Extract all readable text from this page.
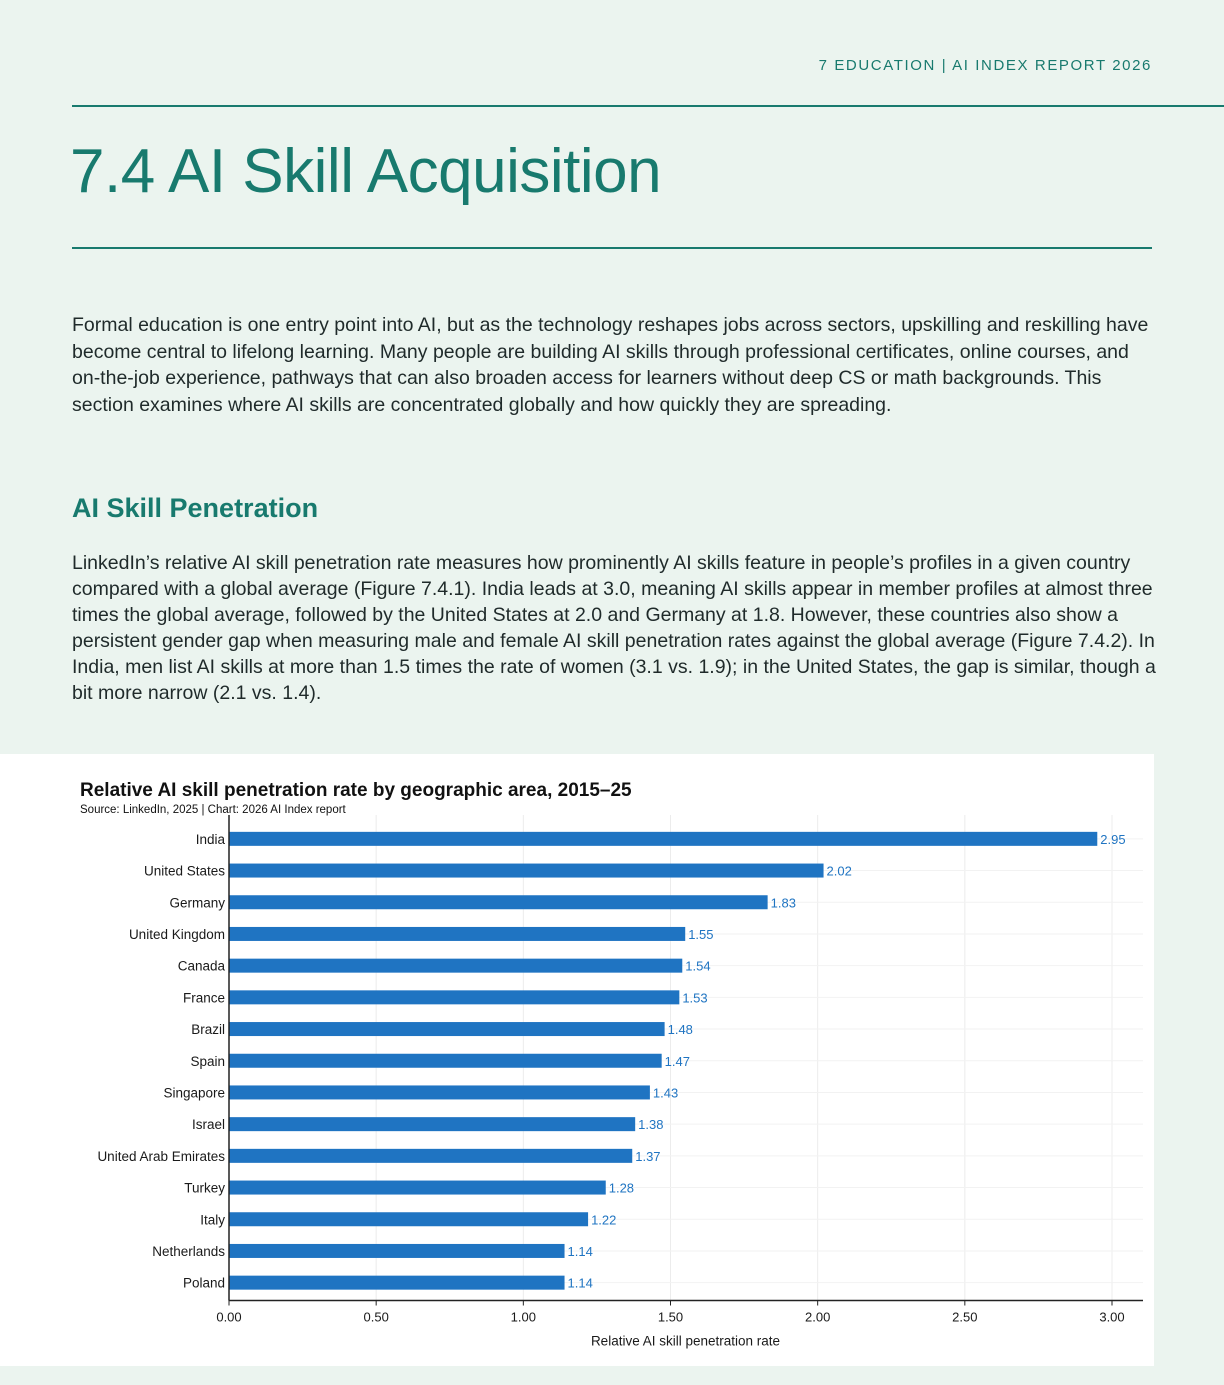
7 EDUCATION | AI INDEX REPORT 2026
7.4 AI Skill Acquisition

Formal education is one entry point into AI, but as the technology reshapes jobs across sectors, upskilling and reskilling have become central to lifelong learning. Many people are building AI skills through professional certificates, online courses, and on-the-job experience, pathways that can also broaden access for learners without deep CS or math backgrounds. This section examines where AI skills are concentrated globally and how quickly they are spreading.

AI Skill Penetration

LinkedIn’s relative AI skill penetration rate measures how prominently AI skills feature in people’s profiles in a given country compared with a global average (Figure 7.4.1). India leads at 3.0, meaning AI skills appear in member profiles at almost three times the global average, followed by the United States at 2.0 and Germany at 1.8. However, these countries also show a persistent gender gap when measuring male and female AI skill penetration rates against the global average (Figure 7.4.2). In India, men list AI skills at more than 1.5 times the rate of women (3.1 vs. 1.9); in the United States, the gap is similar, though a bit more narrow (2.1 vs. 1.4).

Relative AI skill penetration rate by geographic area, 2015–25
Source: LinkedIn, 2025 | Chart: 2026 AI Index report
India	2.95
United States	2.02
Germany	1.83
United Kingdom	1.55
Canada	1.54
France	1.53
Brazil	1.48
Spain	1.47
Singapore	1.43
Israel	1.38
United Arab Emirates	1.37
Turkey	1.28
Italy	1.22
Netherlands	1.14
Poland	1.14
0.00	0.50	1.00	1.50	2.00	2.50	3.00
Relative AI skill penetration rate
